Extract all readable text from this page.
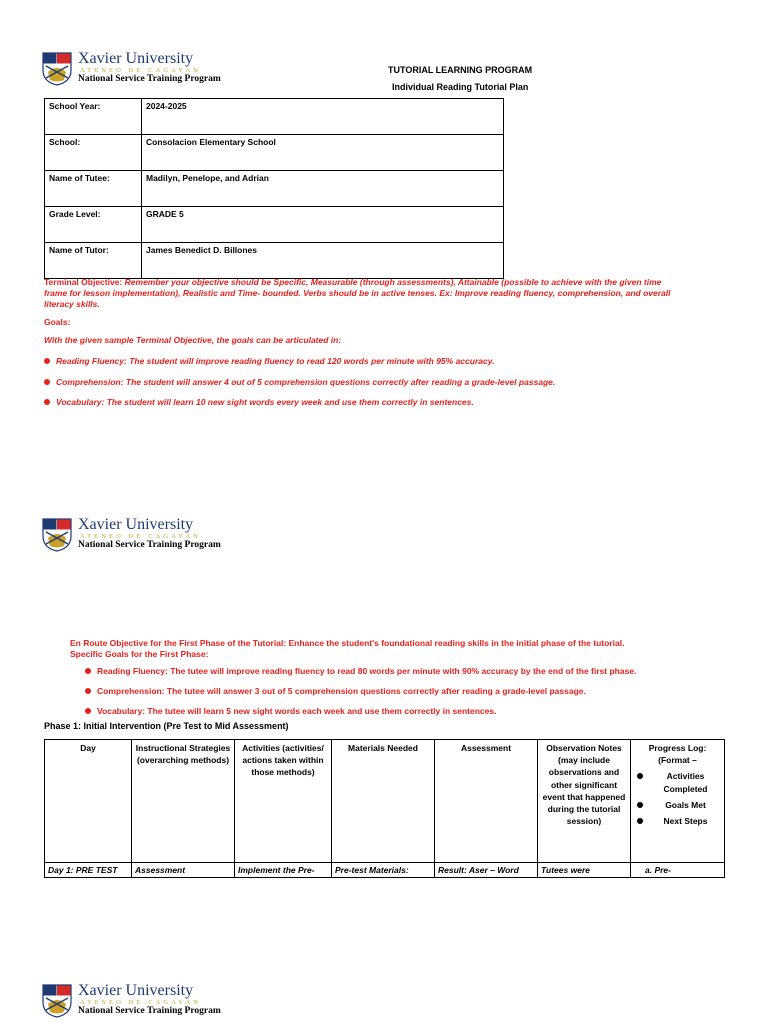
Xavier University
ATENEO DE CAGAYAN
National Service Training Program
TUTORIAL LEARNING PROGRAM
Individual Reading Tutorial Plan
School Year:	2024-2025
School:	Consolacion Elementary School
Name of Tutee:	Madilyn, Penelope, and Adrian
Grade Level:	GRADE 5
Name of Tutor:	James Benedict D. Billones
Terminal Objective: Remember your objective should be Specific, Measurable (through assessments), Attainable (possible to achieve with the given time
frame for lesson implementation), Realistic and Time- bounded. Verbs should be in active tenses. Ex: Improve reading fluency, comprehension, and overall
literacy skills.
Goals:
With the given sample Terminal Objective, the goals can be articulated in:
Reading Fluency: The student will improve reading fluency to read 120 words per minute with 95% accuracy.
Comprehension: The student will answer 4 out of 5 comprehension questions correctly after reading a grade-level passage.
Vocabulary: The student will learn 10 new sight words every week and use them correctly in sentences.
Xavier University
ATENEO DE CAGAYAN
National Service Training Program
En Route Objective for the First Phase of the Tutorial: Enhance the student's foundational reading skills in the initial phase of the tutorial.
Specific Goals for the First Phase:
Reading Fluency: The tutee will improve reading fluency to read 80 words per minute with 90% accuracy by the end of the first phase.
Comprehension: The tutee will answer 3 out of 5 comprehension questions correctly after reading a grade-level passage.
Vocabulary: The tutee will learn 5 new sight words each week and use them correctly in sentences.
Phase 1: Initial Intervention (Pre Test to Mid Assessment)
Day	Instructional Strategies (overarching methods)	Activities (activities/ actions taken within those methods)	Materials Needed	Assessment	Observation Notes (may include observations and other significant event that happened during the tutorial session)	Progress Log: (Format –
Activities Completed
Goals Met
Next Steps

Day 1: PRE TEST	Assessment	Implement the Pre-	Pre-test Materials:	Result: Aser – Word	Tutees were	a. Pre-
Xavier University
ATENEO DE CAGAYAN
National Service Training Program
